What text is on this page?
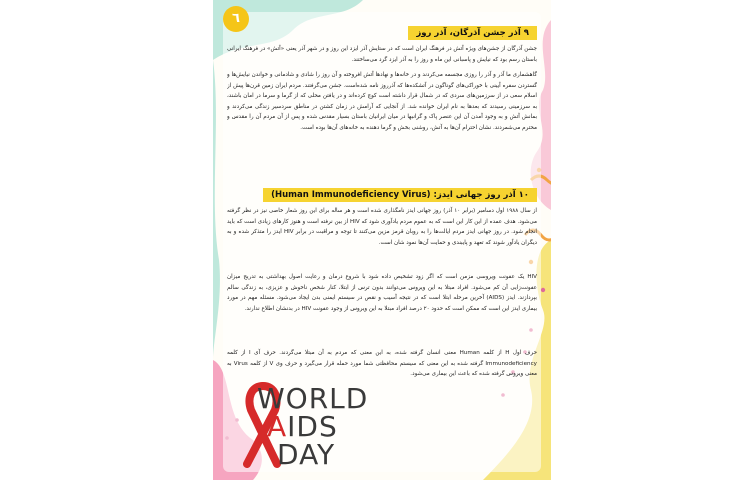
٦
۹ آذر جشن آذرگان، آذر روز
جشن آذرگان از جشن‌های ویژه آتش در فرهنگ ایران است که در ستایش آذر ایزد این روز و در شهر آذر یعنی «آتش» در فرهنگ ایرانی باستان رسم بود که نیایش و پاسبانی این ماه و روز را به آذر ایزد گرد می‌ساختند.
گاهشماری ما آذر و آذر را روزی مجسمه می‌کردند و در خانه‌ها و نهادها آتش افروخته و آن روز را شادی و شادمانی و خواندن نیایش‌ها و گستردن سفره آیینی با خوراکی‌های گوناگون در آتشکده‌ها که آذرروز نامه شده‌است. جشن می‌گرفتند. مردم ایران زمین قرن‌ها پیش از اسلام سعی در از سرزمین‌های سردی که در شمال قرار داشته است کوچ کرده‌اند و در یافتن محلی که از گرما و سرما در امان باشند، به سرزمینی رسیدند که بعدها به نام ایران خوانده شد. از آنجایی که آرامش در زمان کشتن در مناطق سردسیر زندگی می‌کردند و بمانش آتش و به وجود آمدن آن این عنصر پاک و گرانبها در میان ایرانیان باستان بسیار مقدس شده و پس از آن مردم آن را مقدس و محترم می‌شمردند. نشان احترام آن‌ها به آتش، روشنی بخش و گرما دهنده به خانه‌های آن‌ها بوده است.
۱۰ آذر روز جهانی ایدز: (Human Immunodeficiency Virus)
از سال ۱۹۸۸ اول دسامبر (برابر ۱۰ آذر) روز جهانی ایدز نامگذاری شده است و هر ساله برای این روز شعار خاصی نیز در نظر گرفته می‌شود. هدف عمده از این کار این است که به عموم مردم یادآوری شود که HIV از بین نرفته است و هنوز کارهای زیادی است که باید انجام شود. در روز جهانی ایدز مردم ایالت‌ها را به روبان قرمز مزین می‌کنند تا توجه و مراقبت در برابر HIV ایدز را متذکر شده و به دیگران یادآور شوند که تعهد و پایبندی و حمایت آن‌ها نمود شان است.
HIV یک عفونت ویروسی مزمن است که اگر زود تشخیص داده شود با شروع درمان و رعایت اصول بهداشتی به تدریج میزان عفونت‌زایی آن کم می‌شود. افراد مبتلا به این ویروس می‌توانند بدون ترس از ابتلا، کنار شخص ناخوش و عزیزی، به زندگی سالم بپردازند. ایدز (AIDS) آخرین مرحله ابتلا است که در نتیجه آسیب و نقص در سیستم ایمنی بدن ایجاد می‌شود. مسئله مهم در مورد بیماری ایدز این است که ممکن است که حدود ۲۰ درصد افراد مبتلا به این ویروس از وجود عفونت HIV در بدنشان اطلاع ندارند.
حرف اول H از کلمه Human معنی انسان گرفته شده، به این معنی که مردم به آن مبتلا می‌گردند. حرف آی I از کلمه Immunodeficiency گرفته شده به این معنی که سیستم محافظتی شما مورد حمله قرار می‌گیرد و حرف وی V از کلمه Virus به معنی ویروس گرفته شده که باعث این بیماری می‌شود.
WORLD
AIDS
DAY
